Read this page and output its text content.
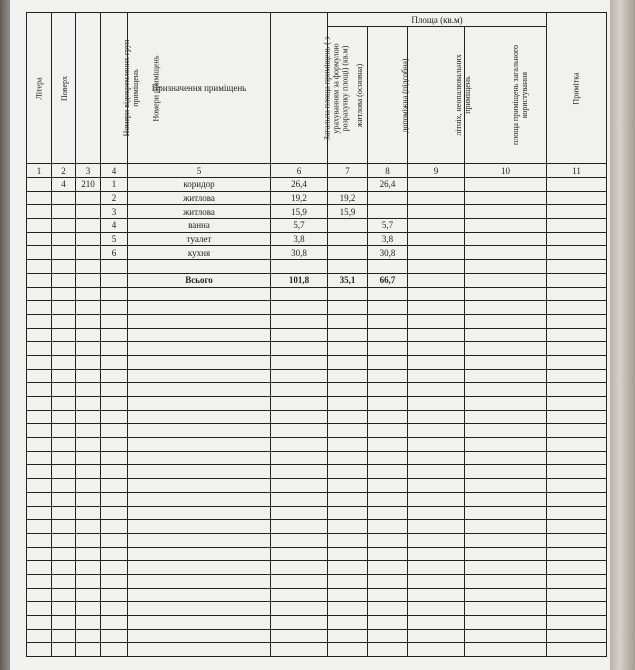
Літера	Поверх	Номери відокремлених груп приміщень	Номери приміщень	Призначення приміщень	Загальна площа приміщень ( з урахуванням за формулою розрахунку площі) (кв.м)	Площа (кв.м)				Примітка
						житлова (основна)	допоміжна (підсобна)	літніх, неопалювальних приміщень	площа приміщень загального користування	
1	2	3	4	5	6	7	8	9	10	11
	4	210	1	коридор	26,4		26,4			
			2	житлова	19,2	19,2				
			3	житлова	15,9	15,9				
			4	ванна	5,7		5,7			
			5	туалет	3,8		3,8			
			6	кухня	30,8		30,8			

				Всього	101,8	35,1	66,7			
